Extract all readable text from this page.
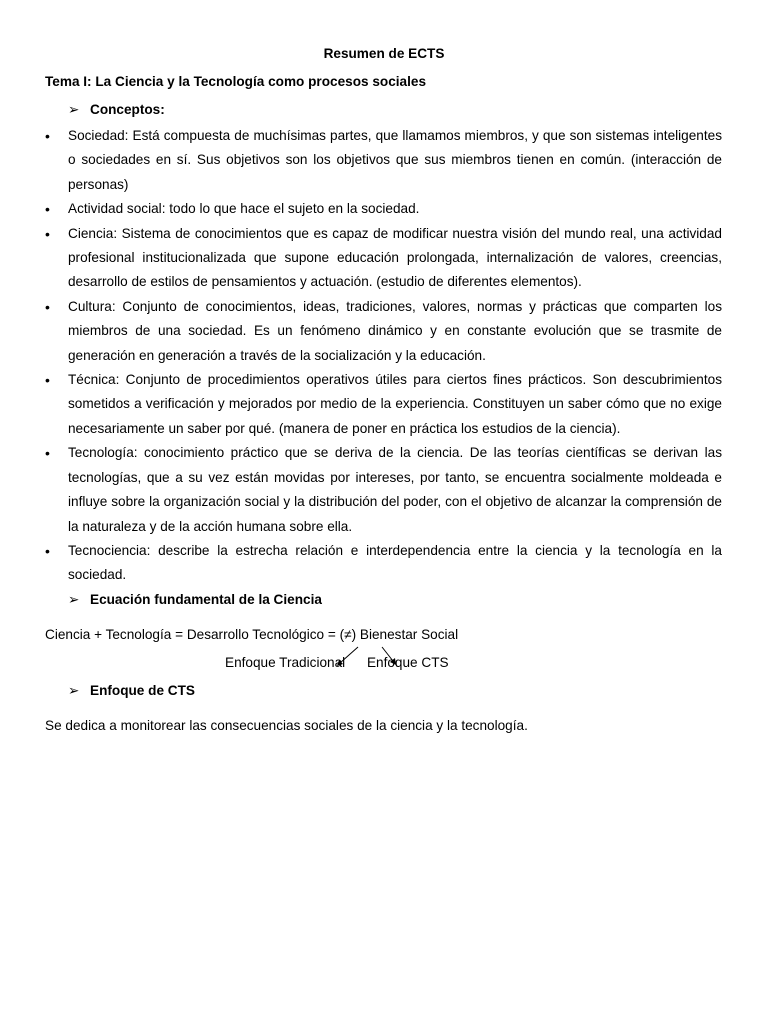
Resumen de ECTS
Tema I: La Ciencia y la Tecnología como procesos sociales
➢ Conceptos:
• Sociedad: Está compuesta de muchísimas partes, que llamamos miembros, y que son sistemas inteligentes o sociedades en sí. Sus objetivos son los objetivos que sus miembros tienen en común. (interacción de personas)
• Actividad social: todo lo que hace el sujeto en la sociedad.
• Ciencia: Sistema de conocimientos que es capaz de modificar nuestra visión del mundo real, una actividad profesional institucionalizada que supone educación prolongada, internalización de valores, creencias, desarrollo de estilos de pensamientos y actuación. (estudio de diferentes elementos).
• Cultura: Conjunto de conocimientos, ideas, tradiciones, valores, normas y prácticas que comparten los miembros de una sociedad. Es un fenómeno dinámico y en constante evolución que se trasmite de generación en generación a través de la socialización y la educación.
• Técnica: Conjunto de procedimientos operativos útiles para ciertos fines prácticos. Son descubrimientos sometidos a verificación y mejorados por medio de la experiencia. Constituyen un saber cómo que no exige necesariamente un saber por qué. (manera de poner en práctica los estudios de la ciencia).
• Tecnología: conocimiento práctico que se deriva de la ciencia. De las teorías científicas se derivan las tecnologías, que a su vez están movidas por intereses, por tanto, se encuentra socialmente moldeada e influye sobre la organización social y la distribución del poder, con el objetivo de alcanzar la comprensión de la naturaleza y de la acción humana sobre ella.
• Tecnociencia: describe la estrecha relación e interdependencia entre la ciencia y la tecnología en la sociedad.
➢ Ecuación fundamental de la Ciencia
Ciencia + Tecnología = Desarrollo Tecnológico = (≠) Bienestar Social
Enfoque Tradicional Enfoque CTS
➢ Enfoque de CTS
Se dedica a monitorear las consecuencias sociales de la ciencia y la tecnología.
